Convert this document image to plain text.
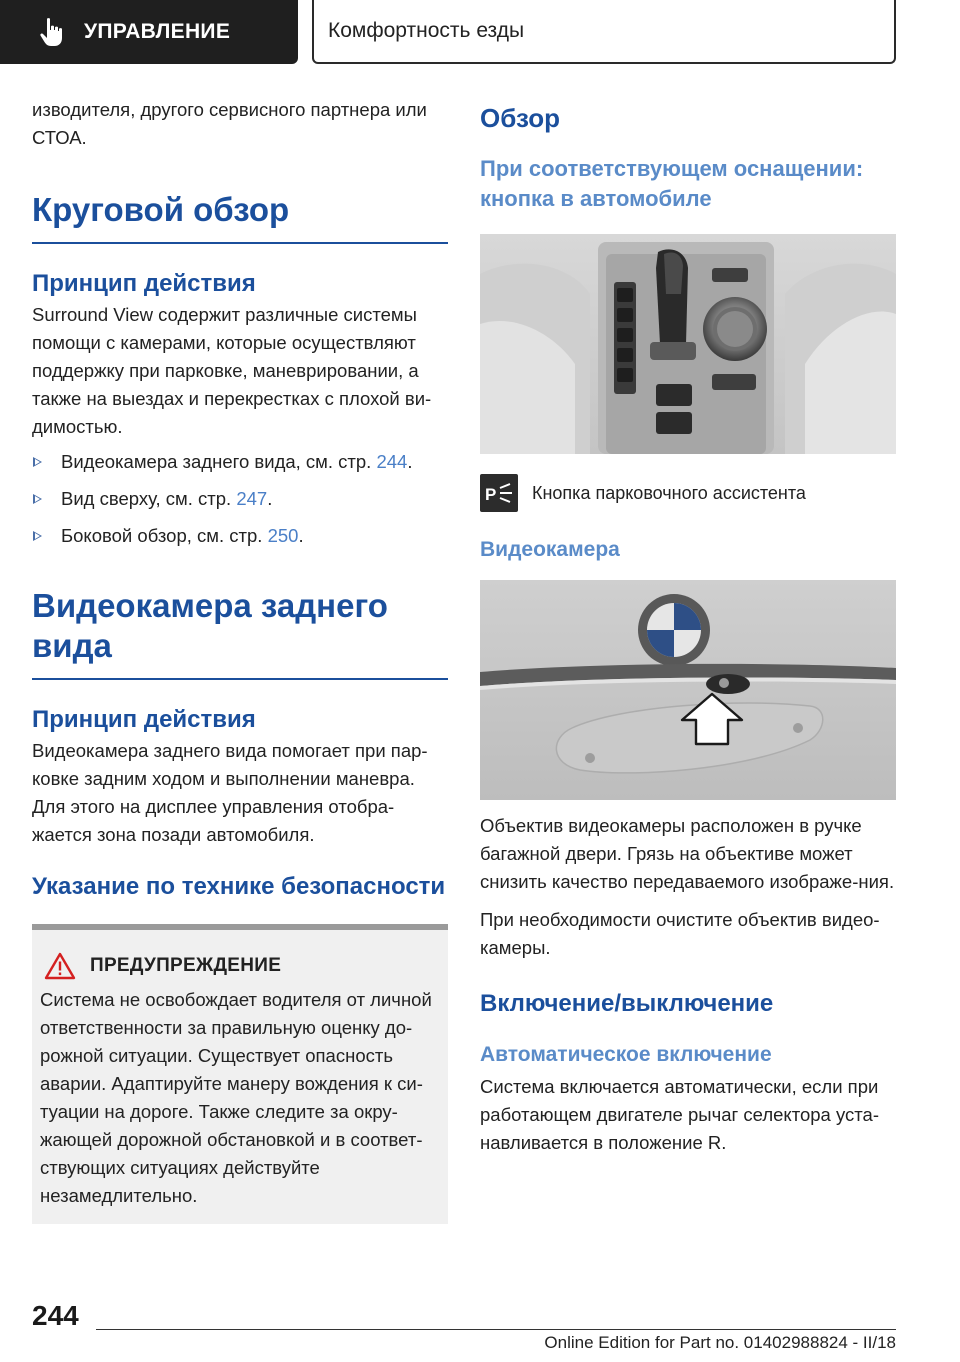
УПРАВЛЕНИЕ	Комфортность езды

изводителя, другого сервисного партнера или СТОА.

Круговой обзор
Принцип действия

Surround View содержит различные системы помощи с камерами, которые осуществляют поддержку при парковке, маневрировании, а также на выездах и перекрестках с плохой ви‐димостью.

Видеокамера заднего вида, см. стр. 244.
Вид сверху, см. стр. 247.
Боковой обзор, см. стр. 250.
Видеокамера заднего вида
Принцип действия

Видеокамера заднего вида помогает при пар‐ковке задним ходом и выполнении маневра. Для этого на дисплее управления отобра‐жается зона позади автомобиля.

Указание по технике безопасности
ПРЕДУПРЕЖДЕНИЕ

Система не освобождает водителя от личной ответственности за правильную оценку до‐рожной ситуации. Существует опасность аварии. Адаптируйте манеру вождения к си‐туации на дороге. Также следите за окру‐жающей дорожной обстановкой и в соответ‐ствующих ситуациях действуйте незамедлительно.

Обзор
При соответствующем оснащении: кнопка в автомобиле
P Кнопка парковочного ассистента
Видеокамера

Объектив видеокамеры расположен в ручке багажной двери. Грязь на объективе может снизить качество передаваемого изображе‐ния.

При необходимости очистите объектив видео‐камеры.

Включение/выключение
Автоматическое включение

Система включается автоматически, если при работающем двигателе рычаг селектора уста‐навливается в положение R.

244
Online Edition for Part no. 01402988824 - II/18
